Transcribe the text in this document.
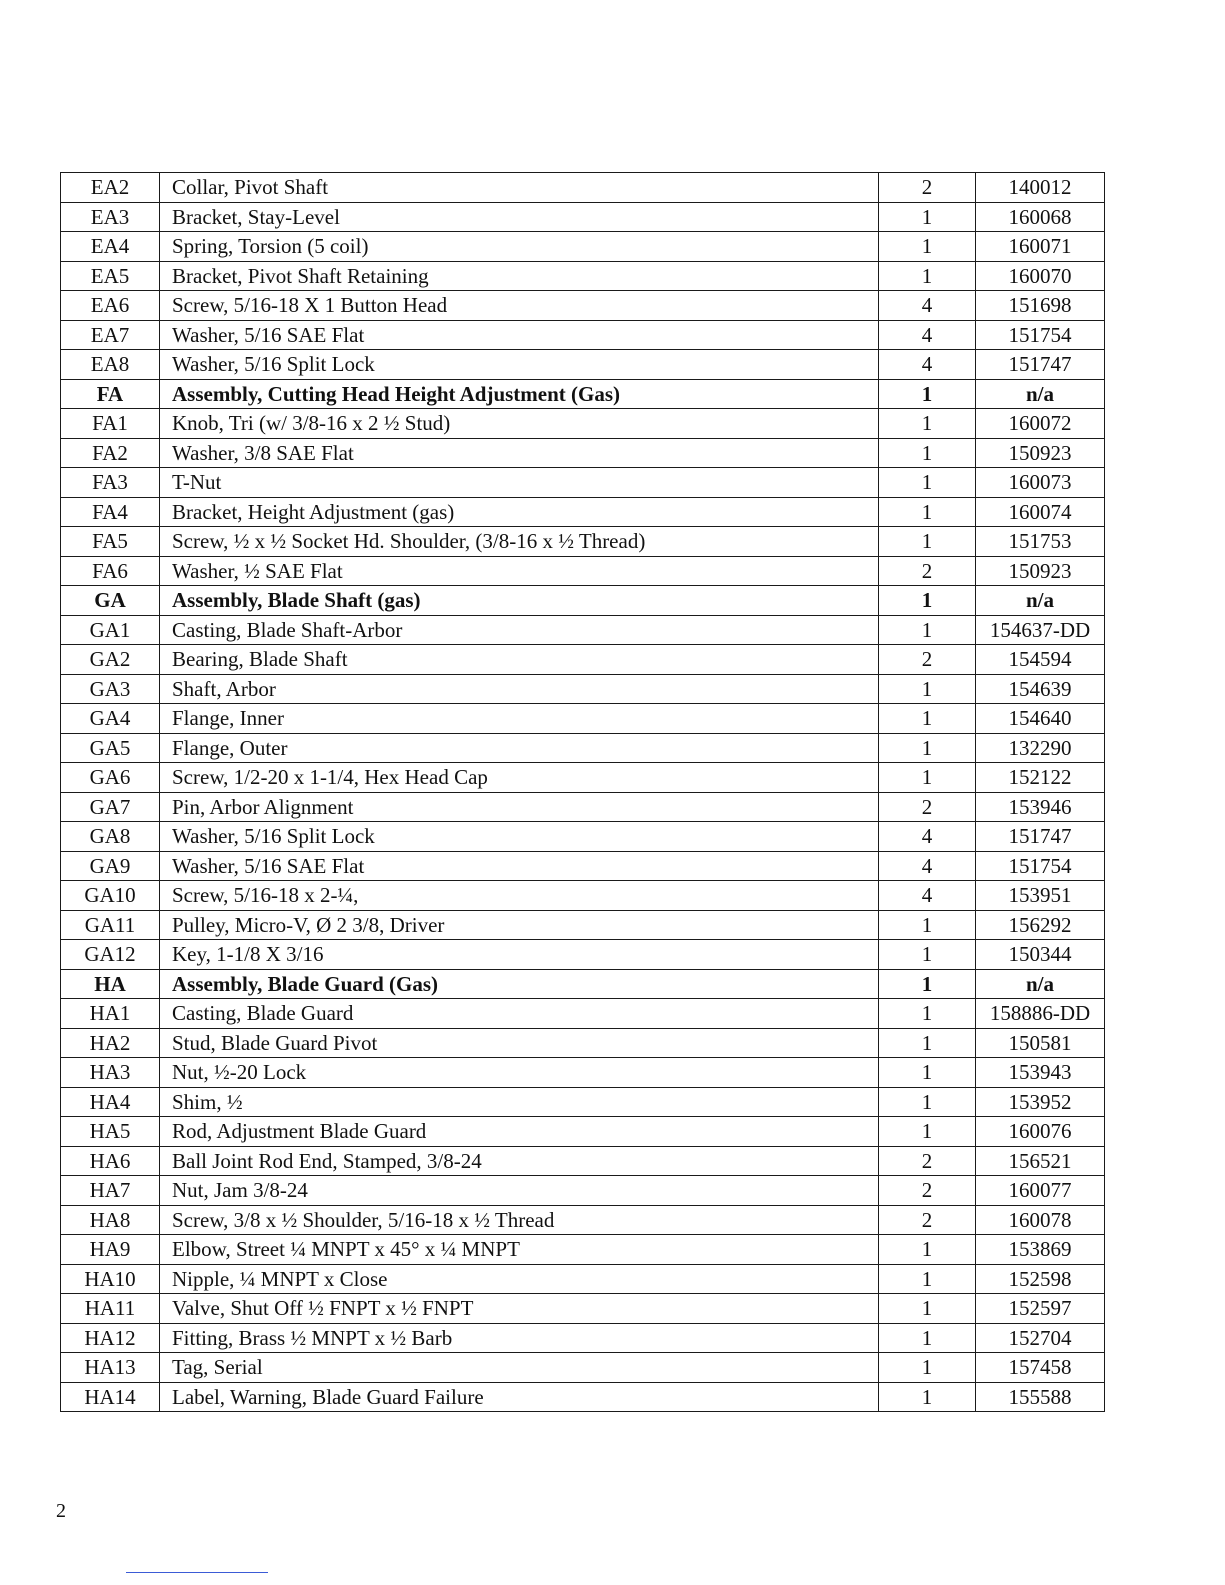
EA2	Collar, Pivot Shaft	2	140012
EA3	Bracket, Stay-Level	1	160068
EA4	Spring, Torsion (5 coil)	1	160071
EA5	Bracket, Pivot Shaft Retaining	1	160070
EA6	Screw, 5/16-18 X 1 Button Head	4	151698
EA7	Washer, 5/16 SAE Flat	4	151754
EA8	Washer, 5/16 Split Lock	4	151747
FA	Assembly, Cutting Head Height Adjustment (Gas)	1	n/a
FA1	Knob, Tri (w/ 3/8-16 x 2 ½ Stud)	1	160072
FA2	Washer, 3/8 SAE Flat	1	150923
FA3	T-Nut	1	160073
FA4	Bracket, Height Adjustment (gas)	1	160074
FA5	Screw, ½ x ½ Socket Hd. Shoulder, (3/8-16 x ½ Thread)	1	151753
FA6	Washer, ½ SAE Flat	2	150923
GA	Assembly, Blade Shaft (gas)	1	n/a
GA1	Casting, Blade Shaft-Arbor	1	154637-DD
GA2	Bearing, Blade Shaft	2	154594
GA3	Shaft, Arbor	1	154639
GA4	Flange, Inner	1	154640
GA5	Flange, Outer	1	132290
GA6	Screw, 1/2-20 x 1-1/4, Hex Head Cap	1	152122
GA7	Pin, Arbor Alignment	2	153946
GA8	Washer, 5/16 Split Lock	4	151747
GA9	Washer, 5/16 SAE Flat	4	151754
GA10	Screw, 5/16-18 x 2-¼,	4	153951
GA11	Pulley, Micro-V, Ø 2 3/8, Driver	1	156292
GA12	Key, 1-1/8 X 3/16	1	150344
HA	Assembly, Blade Guard (Gas)	1	n/a
HA1	Casting, Blade Guard	1	158886-DD
HA2	Stud, Blade Guard Pivot	1	150581
HA3	Nut, ½-20 Lock	1	153943
HA4	Shim, ½	1	153952
HA5	Rod, Adjustment Blade Guard	1	160076
HA6	Ball Joint Rod End, Stamped, 3/8-24	2	156521
HA7	Nut, Jam 3/8-24	2	160077
HA8	Screw, 3/8 x ½ Shoulder, 5/16-18 x ½ Thread	2	160078
HA9	Elbow, Street ¼ MNPT x 45° x ¼ MNPT	1	153869
HA10	Nipple, ¼ MNPT x Close	1	152598
HA11	Valve, Shut Off ½ FNPT x ½ FNPT	1	152597
HA12	Fitting, Brass ½ MNPT x ½ Barb	1	152704
HA13	Tag, Serial	1	157458
HA14	Label, Warning, Blade Guard Failure	1	155588
2
